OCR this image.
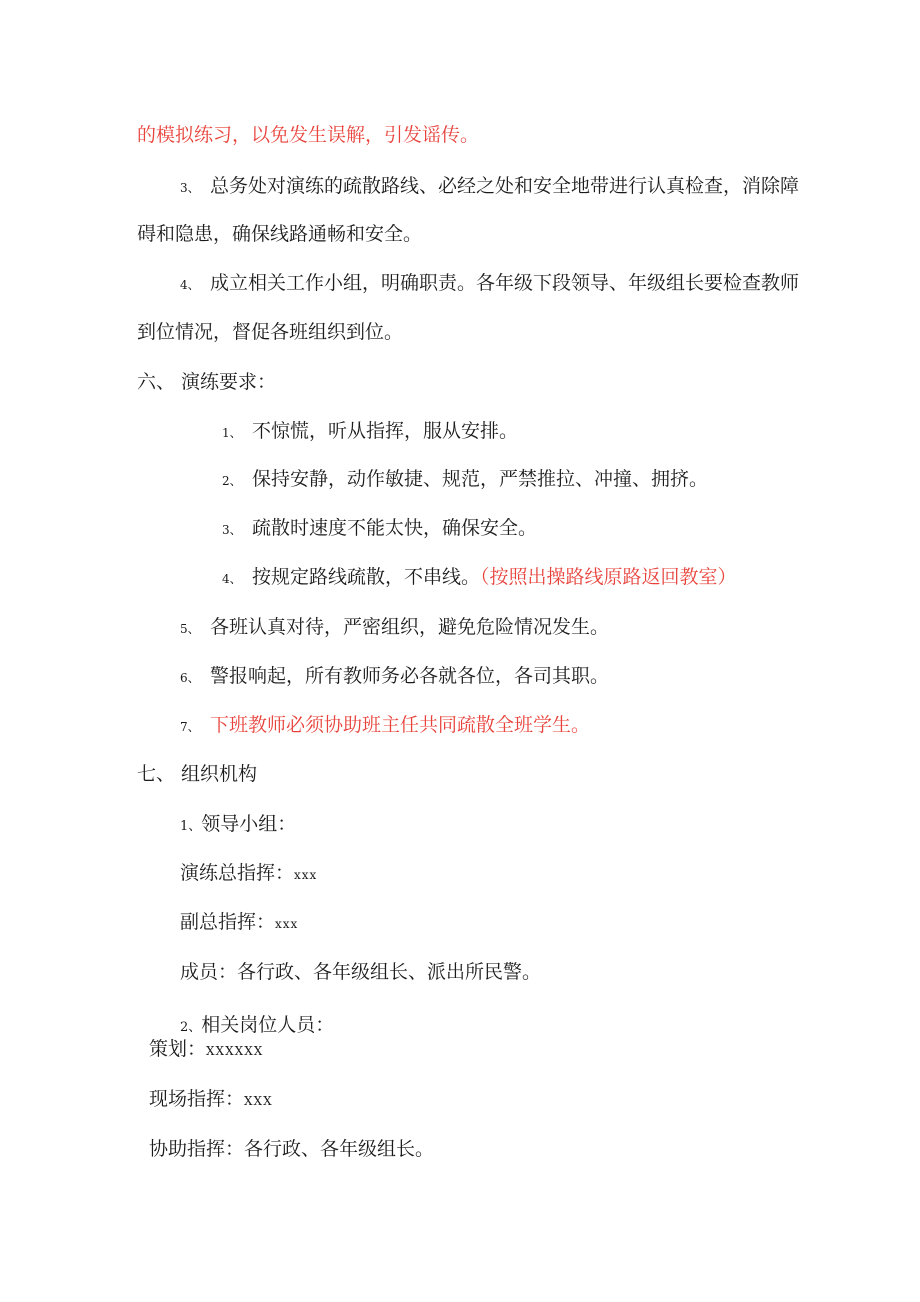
的模拟练习，以免发生误解，引发谣传。
3、 总务处对演练的疏散路线、必经之处和安全地带进行认真检查，消除障
碍和隐患，确保线路通畅和安全。
4、 成立相关工作小组，明确职责。各年级下段领导、年级组长要检查教师
到位情况，督促各班组织到位。
六、 演练要求：
1、 不惊慌，听从指挥，服从安排。
2、 保持安静，动作敏捷、规范，严禁推拉、冲撞、拥挤。
3、 疏散时速度不能太快，确保安全。
4、 按规定路线疏散，不串线。（按照出操路线原路返回教室）
5、 各班认真对待，严密组织，避免危险情况发生。
6、 警报响起，所有教师务必各就各位，各司其职。
7、 下班教师必须协助班主任共同疏散全班学生。
七、 组织机构
1、领导小组：
演练总指挥：xxx
副总指挥：xxx
成员：各行政、各年级组长、派出所民警。
2、相关岗位人员：
策划：XXXXXX
现场指挥：XXX
协助指挥：各行政、各年级组长。
